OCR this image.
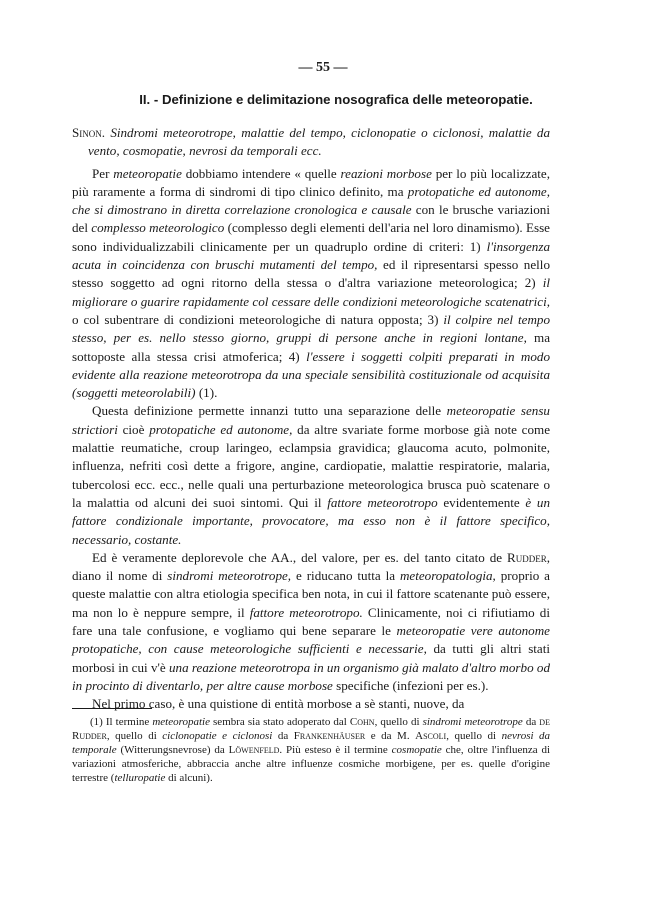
— 55 —
II. - Definizione e delimitazione nosografica delle meteoropatie.

Sinon. Sindromi meteorotrope, malattie del tempo, ciclonopatie o ciclonosi, malattie da vento, cosmopatie, nevrosi da temporali ecc.

Per meteoropatie dobbiamo intendere « quelle reazioni morbose per lo più localizzate, più raramente a forma di sindromi di tipo clinico definito, ma protopatiche ed autonome, che si dimostrano in diretta correlazione cronologica e causale con le brusche variazioni del complesso meteorologico (complesso degli elementi dell'aria nel loro dinamismo). Esse sono individualizzabili clinicamente per un quadruplo ordine di criteri: 1) l'insorgenza acuta in coincidenza con bruschi mutamenti del tempo, ed il ripresentarsi spesso nello stesso soggetto ad ogni ritorno della stessa o d'altra variazione meteorologica; 2) il migliorare o guarire rapidamente col cessare delle condizioni meteorologiche scatenatrici, o col subentrare di condizioni meteorologiche di natura opposta; 3) il colpire nel tempo stesso, per es. nello stesso giorno, gruppi di persone anche in regioni lontane, ma sottoposte alla stessa crisi atmoferica; 4) l'essere i soggetti colpiti preparati in modo evidente alla reazione meteorotropa da una speciale sensibilità costituzionale od acquisita (soggetti meteorolabili) (1).

Questa definizione permette innanzi tutto una separazione delle meteoropatie sensu strictiori cioè protopatiche ed autonome, da altre svariate forme morbose già note come malattie reumatiche, croup laringeo, eclampsia gravidica; glaucoma acuto, polmonite, influenza, nefriti così dette a frigore, angine, cardiopatie, malattie respiratorie, malaria, tubercolosi ecc. ecc., nelle quali una perturbazione meteorologica brusca può scatenare o la malattia od alcuni dei suoi sintomi. Qui il fattore meteorotropo evidentemente è un fattore condizionale importante, provocatore, ma esso non è il fattore specifico, necessario, costante.

Ed è veramente deplorevole che AA., del valore, per es. del tanto citato de Rudder, diano il nome di sindromi meteorotrope, e riducano tutta la meteoropatologia, proprio a queste malattie con altra etiologia specifica ben nota, in cui il fattore scatenante può essere, ma non lo è neppure sempre, il fattore meteorotropo. Clinicamente, noi ci rifiutiamo di fare una tale confusione, e vogliamo qui bene separare le meteoropatie vere autonome protopatiche, con cause meteorologiche sufficienti e necessarie, da tutti gli altri stati morbosi in cui v'è una reazione meteorotropa in un organismo già malato d'altro morbo od in procinto di diventarlo, per altre cause morbose specifiche (infezioni per es.).

Nel primo caso, è una quistione di entità morbose a sè stanti, nuove, da

(1) Il termine meteoropatie sembra sia stato adoperato dal Cohn, quello di sindromi meteorotrope da de Rudder, quello di ciclonopatie e ciclonosi da Frankenhäuser e da M. Ascoli, quello di nevrosi da temporale (Witterungsnevrose) da Löwenfeld. Più esteso è il termine cosmopatie che, oltre l'influenza di variazioni atmosferiche, abbraccia anche altre influenze cosmiche morbigene, per es. quelle d'origine terrestre (telluropatie di alcuni).
